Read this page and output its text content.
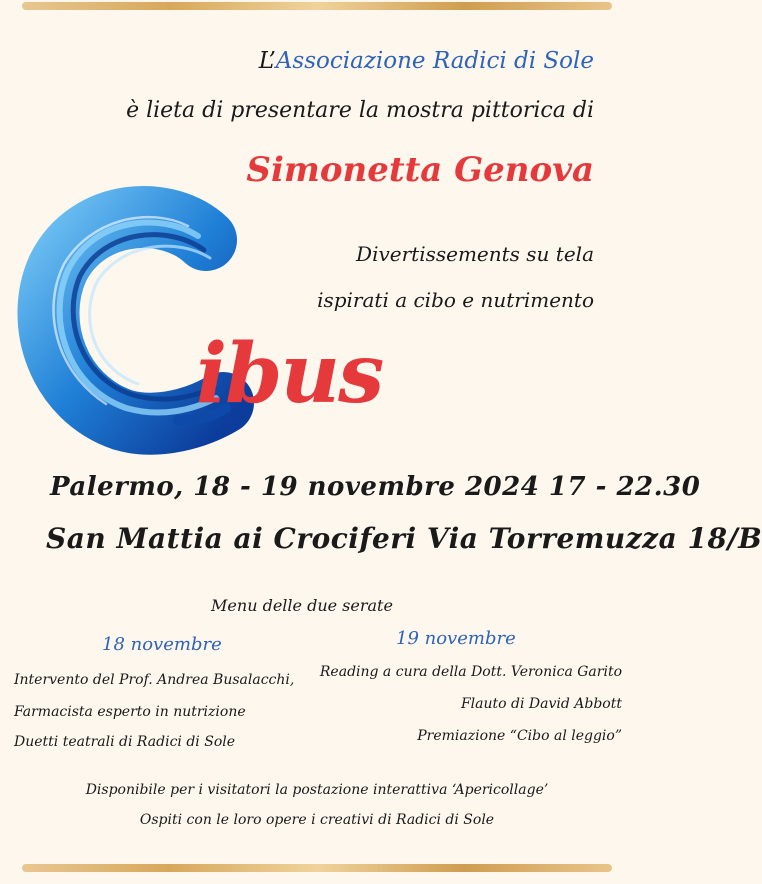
L’Associazione Radici di Sole
è lieta di presentare la mostra pittorica di
Simonetta Genova
Divertissements su tela
ispirati a cibo e nutrimento
ibus
Palermo, 18 - 19 novembre 2024 17 - 22.30
San Mattia ai Crociferi Via Torremuzza 18/B
Menu delle due serate
18 novembre	19 novembre
Intervento del Prof. Andrea Busalacchi,
Farmacista esperto in nutrizione
Duetti teatrali di Radici di Sole
Reading a cura della Dott. Veronica Garito
Flauto di David Abbott
Premiazione “Cibo al leggio”
Disponibile per i visitatori la postazione interattiva ‘Apericollage’
Ospiti con le loro opere i creativi di Radici di Sole
